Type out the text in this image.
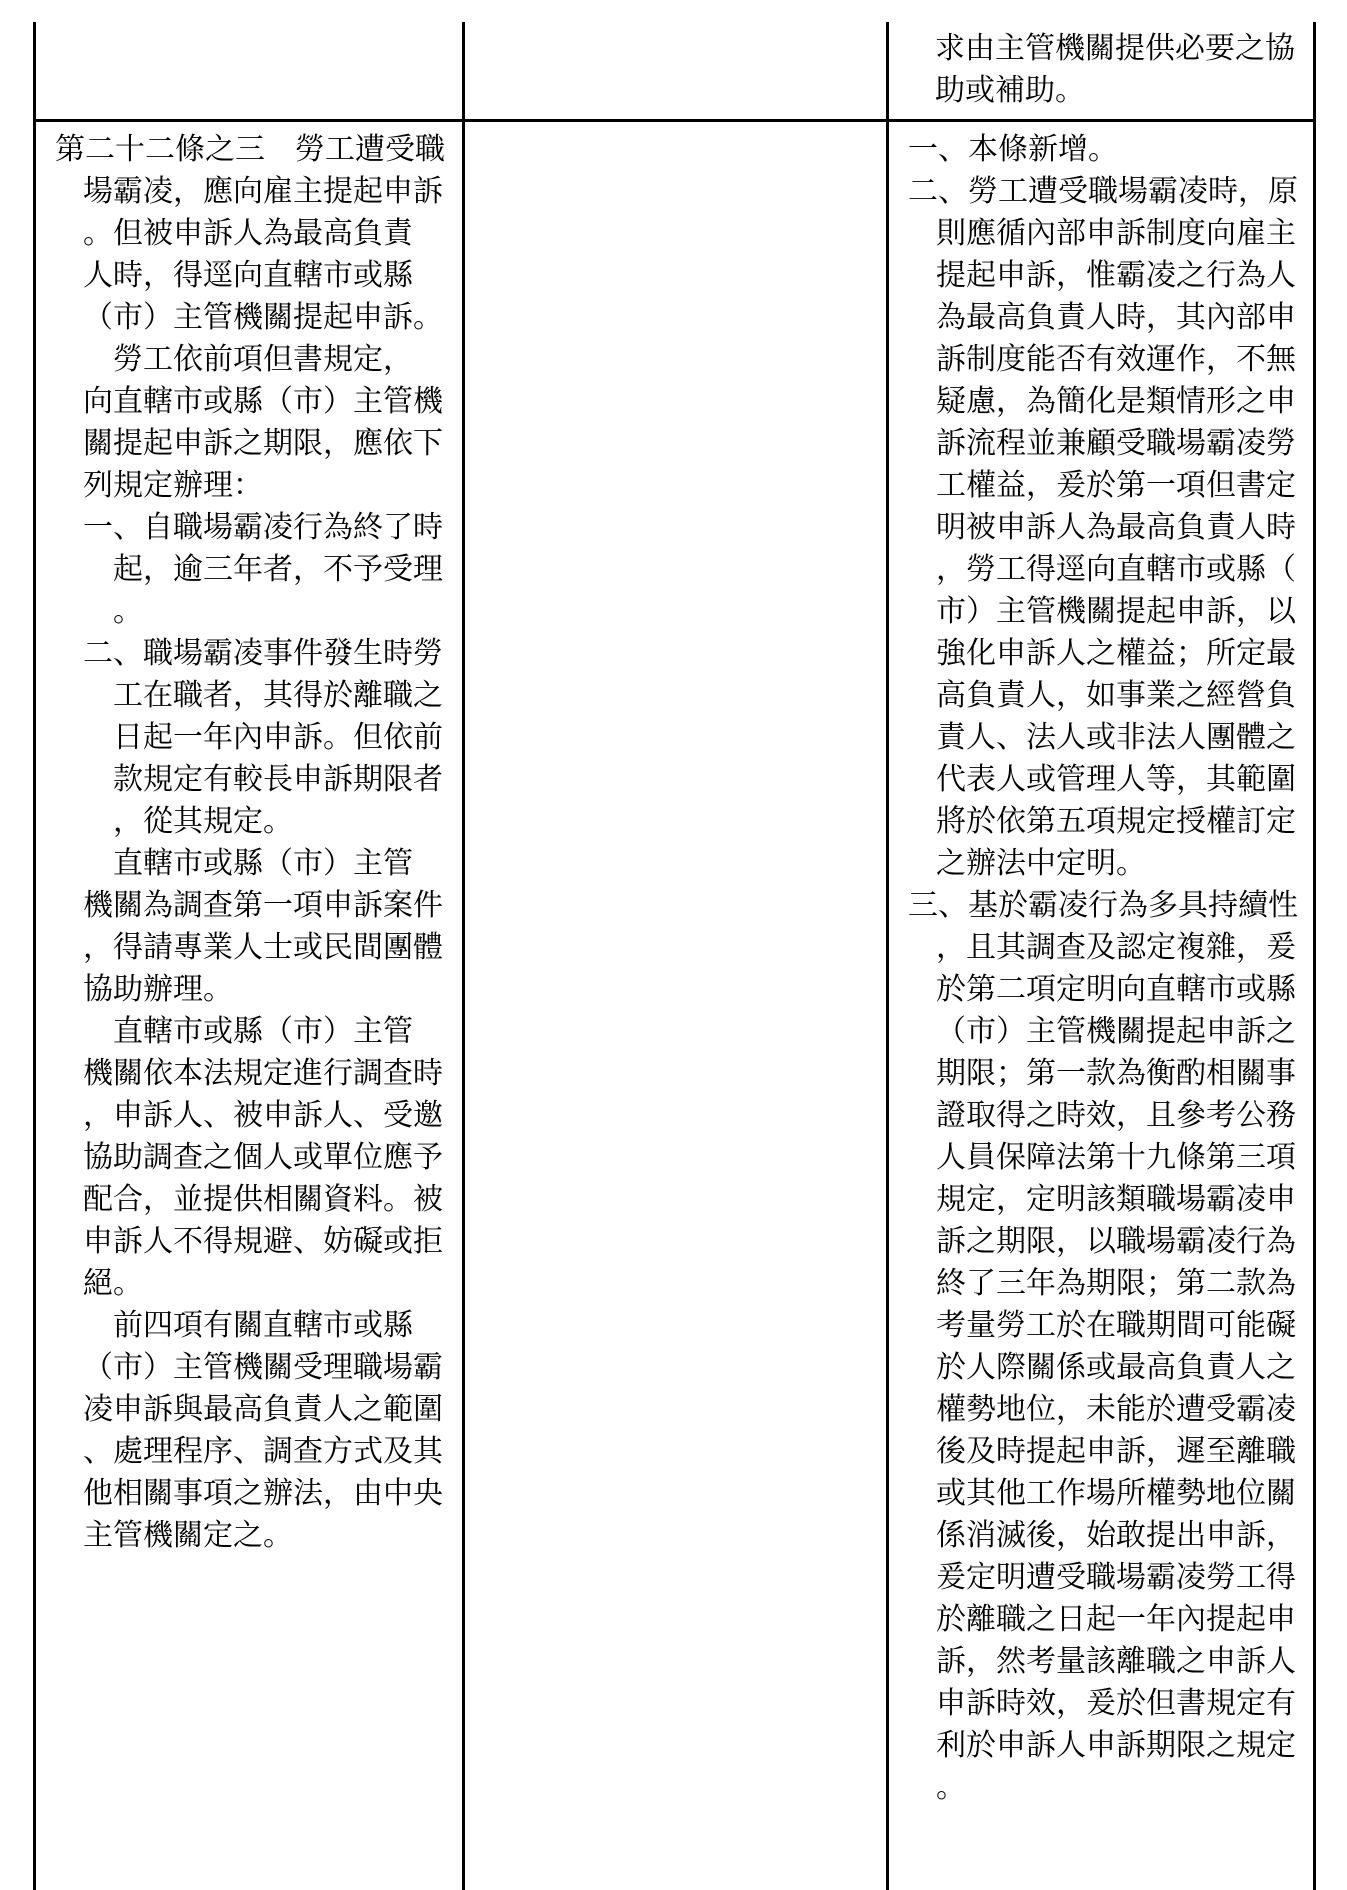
求由主管機關提供必要之協

助或補助。

第二十二條之三　勞工遭受職

場霸凌，應向雇主提起申訴

。但被申訴人為最高負責

人時，得逕向直轄市或縣

（市）主管機關提起申訴。

勞工依前項但書規定，

向直轄市或縣（市）主管機

關提起申訴之期限，應依下

列規定辦理：

一、自職場霸凌行為終了時

起，逾三年者，不予受理

。

二、職場霸凌事件發生時勞

工在職者，其得於離職之

日起一年內申訴。但依前

款規定有較長申訴期限者

，從其規定。

直轄市或縣（市）主管

機關為調查第一項申訴案件

，得請專業人士或民間團體

協助辦理。

直轄市或縣（市）主管

機關依本法規定進行調查時

，申訴人、被申訴人、受邀

協助調查之個人或單位應予

配合，並提供相關資料。被

申訴人不得規避、妨礙或拒

絕。

前四項有關直轄市或縣

（市）主管機關受理職場霸

凌申訴與最高負責人之範圍

、處理程序、調查方式及其

他相關事項之辦法，由中央

主管機關定之。

一、本條新增。

二、勞工遭受職場霸凌時，原

則應循內部申訴制度向雇主

提起申訴，惟霸凌之行為人

為最高負責人時，其內部申

訴制度能否有效運作，不無

疑慮，為簡化是類情形之申

訴流程並兼顧受職場霸凌勞

工權益，爰於第一項但書定

明被申訴人為最高負責人時

，勞工得逕向直轄市或縣（

市）主管機關提起申訴，以

強化申訴人之權益；所定最

高負責人，如事業之經營負

責人、法人或非法人團體之

代表人或管理人等，其範圍

將於依第五項規定授權訂定

之辦法中定明。

三、基於霸凌行為多具持續性

，且其調查及認定複雜，爰

於第二項定明向直轄市或縣

（市）主管機關提起申訴之

期限；第一款為衡酌相關事

證取得之時效，且參考公務

人員保障法第十九條第三項

規定，定明該類職場霸凌申

訴之期限，以職場霸凌行為

終了三年為期限；第二款為

考量勞工於在職期間可能礙

於人際關係或最高負責人之

權勢地位，未能於遭受霸凌

後及時提起申訴，遲至離職

或其他工作場所權勢地位關

係消滅後，始敢提出申訴，

爰定明遭受職場霸凌勞工得

於離職之日起一年內提起申

訴，然考量該離職之申訴人

申訴時效，爰於但書規定有

利於申訴人申訴期限之規定

。
